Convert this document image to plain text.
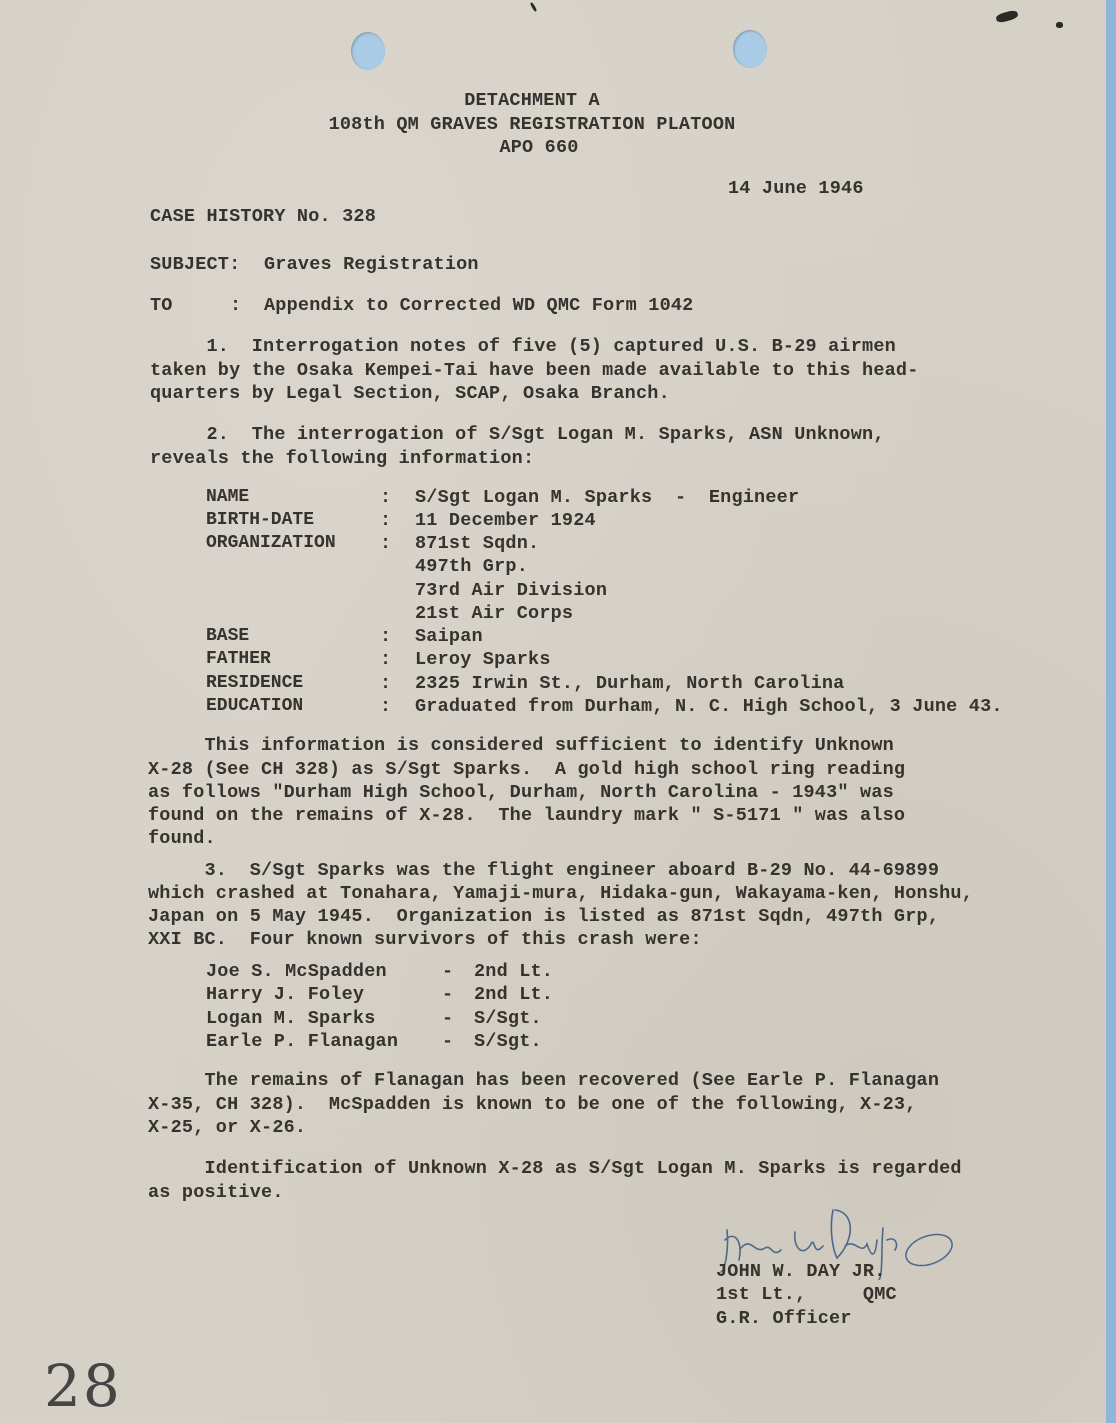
DETACHMENT A
108th QM GRAVES REGISTRATION PLATOON
APO 660
14 June 1946
CASE HISTORY No. 328
SUBJECT: Graves Registration
TO	: Appendix to Corrected WD QMC Form 1042
1.  Interrogation notes of five (5) captured U.S. B-29 airmen
taken by the Osaka Kempei-Tai have been made available to this head-
quarters by Legal Section, SCAP, Osaka Branch.
2.  The interrogation of S/Sgt Logan M. Sparks, ASN Unknown,
reveals the following information:
NAME	: S/Sgt Logan M. Sparks  -  Engineer
BIRTH-DATE	: 11 December 1924
ORGANIZATION : 871st Sqdn.
497th Grp.
73rd Air Division
21st Air Corps
BASE	: Saipan
FATHER	: Leroy Sparks
RESIDENCE	: 2325 Irwin St., Durham, North Carolina
EDUCATION	: Graduated from Durham, N. C. High School, 3 June 43.
This information is considered sufficient to identify Unknown
X-28 (See CH 328) as S/Sgt Sparks.  A gold high school ring reading
as follows "Durham High School, Durham, North Carolina - 1943" was
found on the remains of X-28.  The laundry mark " S-5171 " was also
found.
3.  S/Sgt Sparks was the flight engineer aboard B-29 No. 44-69899
which crashed at Tonahara, Yamaji-mura, Hidaka-gun, Wakayama-ken, Honshu,
Japan on 5 May 1945.  Organization is listed as 871st Sqdn, 497th Grp,
XXI BC.  Four known survivors of this crash were:
Joe S. McSpadden	- 2nd Lt.
Harry J. Foley	- 2nd Lt.
Logan M. Sparks	- S/Sgt.
Earle P. Flanagan - S/Sgt.
The remains of Flanagan has been recovered (See Earle P. Flanagan
X-35, CH 328).  McSpadden is known to be one of the following, X-23,
X-25, or X-26.
Identification of Unknown X-28 as S/Sgt Logan M. Sparks is regarded
as positive.
JOHN W. DAY JR.
1st Lt.,     QMC
G.R. Officer
28
